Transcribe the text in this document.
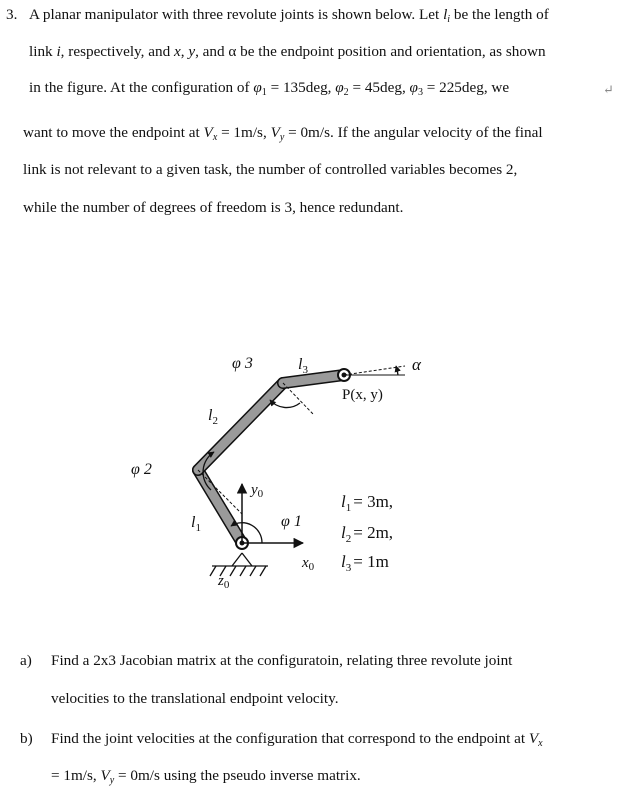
3. A planar manipulator with three revolute joints is shown below. Let $l_i$ be the length of
link i, respectively, and x, y, and α be the endpoint position and orientation, as shown
in the figure. At the configuration of $\varphi_1 = 135deg$, $\varphi_2 = 45deg$, $\varphi_3 = 225deg$, we	↵
want to move the endpoint at $V_x = 1m/s$, $V_y = 0m/s$. If the angular velocity of the final
link is not relevant to a given task, the number of controlled variables becomes 2,
while the number of degrees of freedom is 3, hence redundant.
φ 3	$l_3$	α
P(x, y)
$l_2$
φ 2
y0
$l_1$	φ 1
x0
z0
$l_1 = 3m$,
$l_2 = 2m$,
$l_3 = 1m$
a) Find a 2x3 Jacobian matrix at the configuratoin, relating three revolute joint
velocities to the translational endpoint velocity.
b) Find the joint velocities at the configuration that correspond to the endpoint at $V_x$
= 1m/s, $V_y = 0m/s$ using the pseudo inverse matrix.
